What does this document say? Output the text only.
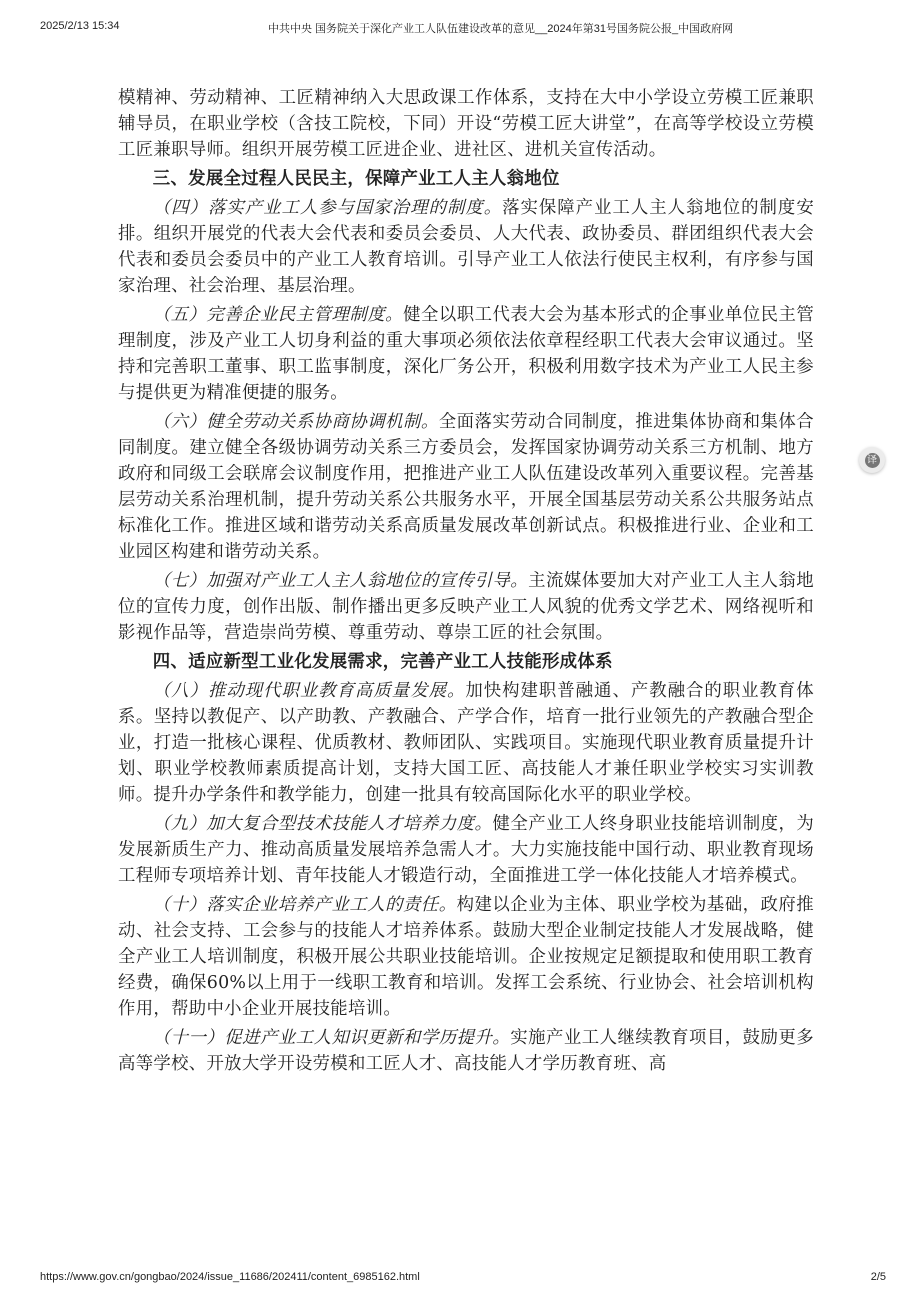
2025/2/13 15:34	中共中央 国务院关于深化产业工人队伍建设改革的意见__2024年第31号国务院公报_中国政府网

模精神、劳动精神、工匠精神纳入大思政课工作体系，支持在大中小学设立劳模工匠兼职辅导员，在职业学校（含技工院校，下同）开设“劳模工匠大讲堂”，在高等学校设立劳模工匠兼职导师。组织开展劳模工匠进企业、进社区、进机关宣传活动。

三、发展全过程人民民主，保障产业工人主人翁地位

（四）落实产业工人参与国家治理的制度。落实保障产业工人主人翁地位的制度安排。组织开展党的代表大会代表和委员会委员、人大代表、政协委员、群团组织代表大会代表和委员会委员中的产业工人教育培训。引导产业工人依法行使民主权利，有序参与国家治理、社会治理、基层治理。

（五）完善企业民主管理制度。健全以职工代表大会为基本形式的企事业单位民主管理制度，涉及产业工人切身利益的重大事项必须依法依章程经职工代表大会审议通过。坚持和完善职工董事、职工监事制度，深化厂务公开，积极利用数字技术为产业工人民主参与提供更为精准便捷的服务。

（六）健全劳动关系协商协调机制。全面落实劳动合同制度，推进集体协商和集体合同制度。建立健全各级协调劳动关系三方委员会，发挥国家协调劳动关系三方机制、地方政府和同级工会联席会议制度作用，把推进产业工人队伍建设改革列入重要议程。完善基层劳动关系治理机制，提升劳动关系公共服务水平，开展全国基层劳动关系公共服务站点标准化工作。推进区域和谐劳动关系高质量发展改革创新试点。积极推进行业、企业和工业园区构建和谐劳动关系。

（七）加强对产业工人主人翁地位的宣传引导。主流媒体要加大对产业工人主人翁地位的宣传力度，创作出版、制作播出更多反映产业工人风貌的优秀文学艺术、网络视听和影视作品等，营造崇尚劳模、尊重劳动、尊崇工匠的社会氛围。

四、适应新型工业化发展需求，完善产业工人技能形成体系

（八）推动现代职业教育高质量发展。加快构建职普融通、产教融合的职业教育体系。坚持以教促产、以产助教、产教融合、产学合作，培育一批行业领先的产教融合型企业，打造一批核心课程、优质教材、教师团队、实践项目。实施现代职业教育质量提升计划、职业学校教师素质提高计划，支持大国工匠、高技能人才兼任职业学校实习实训教师。提升办学条件和教学能力，创建一批具有较高国际化水平的职业学校。

（九）加大复合型技术技能人才培养力度。健全产业工人终身职业技能培训制度，为发展新质生产力、推动高质量发展培养急需人才。大力实施技能中国行动、职业教育现场工程师专项培养计划、青年技能人才锻造行动，全面推进工学一体化技能人才培养模式。

（十）落实企业培养产业工人的责任。构建以企业为主体、职业学校为基础，政府推动、社会支持、工会参与的技能人才培养体系。鼓励大型企业制定技能人才发展战略，健全产业工人培训制度，积极开展公共职业技能培训。企业按规定足额提取和使用职工教育经费，确保60%以上用于一线职工教育和培训。发挥工会系统、行业协会、社会培训机构作用，帮助中小企业开展技能培训。

（十一）促进产业工人知识更新和学历提升。实施产业工人继续教育项目，鼓励更多高等学校、开放大学开设劳模和工匠人才、高技能人才学历教育班、高

译
https://www.gov.cn/gongbao/2024/issue_11686/202411/content_6985162.html	2/5
